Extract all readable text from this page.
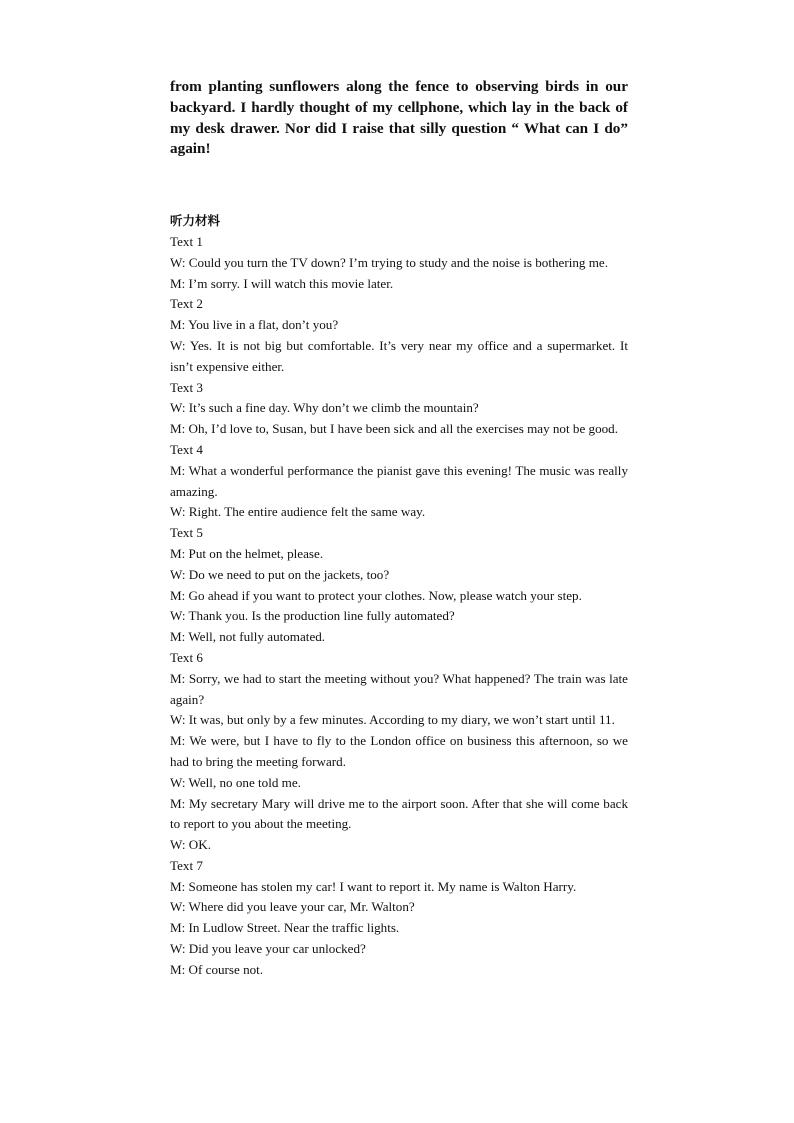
from planting sunflowers along the fence to observing birds in our backyard. I hardly thought of my cellphone, which lay in the back of my desk drawer. Nor did I raise that silly question “ What can I do” again!

听力材料

Text 1

W: Could you turn the TV down? I’m trying to study and the noise is bothering me.

M: I’m sorry. I will watch this movie later.

Text 2

M: You live in a flat, don’t you?

W: Yes. It is not big but comfortable. It’s very near my office and a supermarket. It isn’t expensive either.

Text 3

W: It’s such a fine day. Why don’t we climb the mountain?

M: Oh, I’d love to, Susan, but I have been sick and all the exercises may not be good.

Text 4

M: What a wonderful performance the pianist gave this evening! The music was really amazing.

W: Right. The entire audience felt the same way.

Text 5

M: Put on the helmet, please.

W: Do we need to put on the jackets, too?

M: Go ahead if you want to protect your clothes. Now, please watch your step.

W: Thank you. Is the production line fully automated?

M: Well, not fully automated.

Text 6

M: Sorry, we had to start the meeting without you? What happened? The train was late again?

W: It was, but only by a few minutes. According to my diary, we won’t start until 11.

M: We were, but I have to fly to the London office on business this afternoon, so we had to bring the meeting forward.

W: Well, no one told me.

M: My secretary Mary will drive me to the airport soon. After that she will come back to report to you about the meeting.

W: OK.

Text 7

M: Someone has stolen my car! I want to report it. My name is Walton Harry.

W: Where did you leave your car, Mr. Walton?

M: In Ludlow Street. Near the traffic lights.

W: Did you leave your car unlocked?

M: Of course not.
